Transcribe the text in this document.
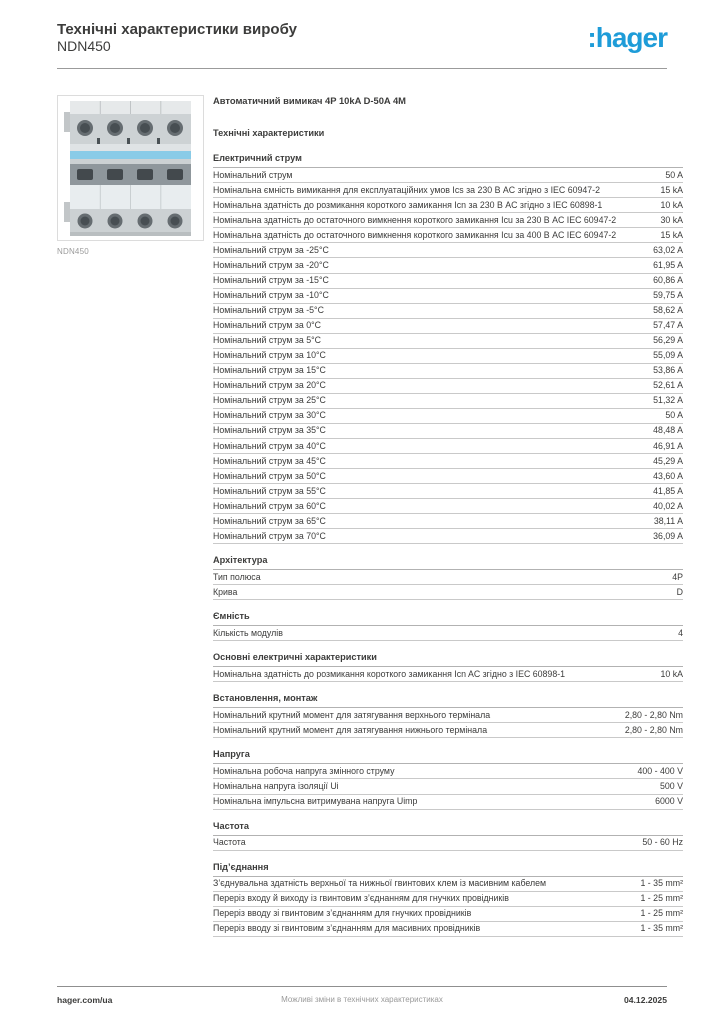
Технічні характеристики виробу
NDN450	:hager
NDN450
Автоматичний вимикач 4P 10kA D-50A 4M
Технічні характеристики
Електричний струм
Номінальний струм	50 A
Номінальна ємність вимикання для експлуатаційних умов Ics за 230 В AC згідно з IEC 60947-2	15 kA
Номінальна здатність до розмикання короткого замикання Icn за 230 В AC згідно з IEC 60898-1	10 kA
Номінальна здатність до остаточного вимкнення короткого замикання Icu за 230 В AC IEC 60947-2	30 kA
Номінальна здатність до остаточного вимкнення короткого замикання Icu за 400 В AC IEC 60947-2	15 kA
Номінальний струм за -25°C	63,02 A
Номінальний струм за -20°C	61,95 A
Номінальний струм за -15°C	60,86 A
Номінальний струм за -10°C	59,75 A
Номінальний струм за -5°C	58,62 A
Номінальний струм за 0°C	57,47 A
Номінальний струм за 5°C	56,29 A
Номінальний струм за 10°C	55,09 A
Номінальний струм за 15°C	53,86 A
Номінальний струм за 20°C	52,61 A
Номінальний струм за 25°C	51,32 A
Номінальний струм за 30°C	50 A
Номінальний струм за 35°C	48,48 A
Номінальний струм за 40°C	46,91 A
Номінальний струм за 45°C	45,29 A
Номінальний струм за 50°C	43,60 A
Номінальний струм за 55°C	41,85 A
Номінальний струм за 60°C	40,02 A
Номінальний струм за 65°C	38,11 A
Номінальний струм за 70°C	36,09 A
Архітектура
Тип полюса	4P
Крива	D
Ємність
Кількість модулів	4
Основні електричні характеристики
Номінальна здатність до розмикання короткого замикання Icn AC згідно з IEC 60898-1	10 kA
Встановлення, монтаж
Номінальний крутний момент для затягування верхнього термінала	2,80 - 2,80 Nm
Номінальний крутний момент для затягування нижнього термінала	2,80 - 2,80 Nm
Напруга
Номінальна робоча напруга змінного струму	400 - 400 V
Номінальна напруга ізоляції Ui	500 V
Номінальна імпульсна витримувана напруга Uimp	6000 V
Частота
Частота	50 - 60 Hz
Під’єднання
З’єднувальна здатність верхньої та нижньої гвинтових клем із масивним кабелем	1 - 35 mm²
Переріз входу й виходу із гвинтовим з’єднанням для гнучких провідників	1 - 25 mm²
Переріз вводу зі гвинтовим з’єднанням для гнучких провідників	1 - 25 mm²
Переріз вводу зі гвинтовим з’єднанням для масивних провідників	1 - 35 mm²
hager.com/ua	Можливі зміни в технічних характеристиках	04.12.2025
